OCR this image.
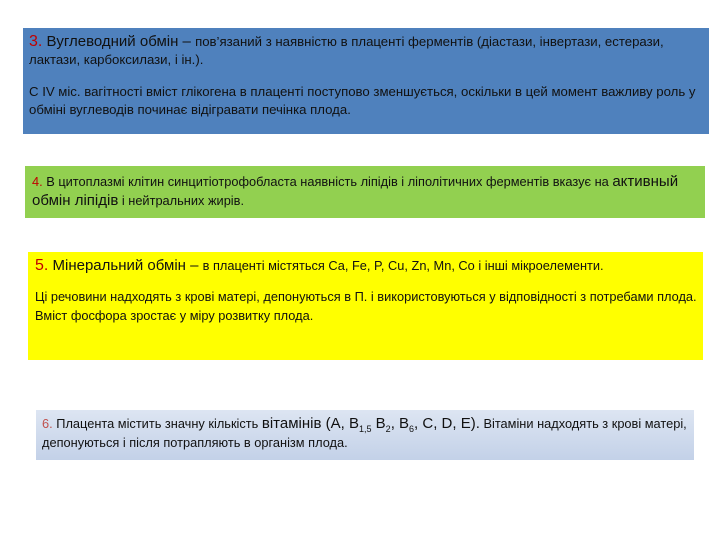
3. Вуглеводний обмін – пов’язаний з наявністю в плаценті ферментів (діастази, інвертази, естерази, лактази, карбоксилази, і ін.).

С IV міс. вагітності вміст глікогена в плаценті поступово зменшується, оскільки в цей момент важливу роль у обміні вуглеводів починає відігравати печінка плода.

4. В цитоплазмі клітин синцитіотрофобласта наявність ліпідів і ліполітичних ферментів вказує на активный обмін ліпідів і нейтральних жирів.

5. Мінеральний обмін – в плаценті містяться Са, Fe, P, Cu, Zn, Mn, Co і інші мікроелементи.

Ці речовини надходять з крові матері, депонуються в П. і використовуються у відповідності з потребами плода. Вміст фосфора зростає у міру розвитку плода.

6. Плацента містить значну кількість вітамінів (А, $В_{1,5}$ $В_2$, $В_6$, С, D, Е). Вітаміни надходять з крові матері, депонуються і після потрапляють в організм плода.
